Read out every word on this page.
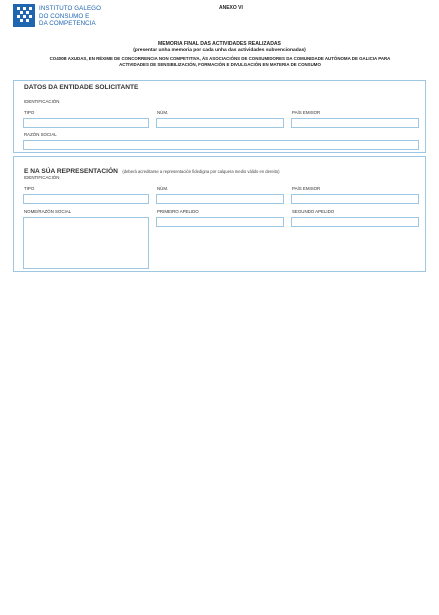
INSTITUTO GALEGO
DO CONSUMO E
DA COMPETENCIA
ANEXO VI
MEMORIA FINAL DAS ACTIVIDADES REALIZADAS
(presentar unha memoria por cada unha das actividades subvencionadas)
CO400B AXUDAS, EN RÉXIME DE CONCORRENCIA NON COMPETITIVA, ÁS ASOCIACIÓNS DE CONSUMIDORES DA COMUNIDADE AUTÓNOMA DE GALICIA PARA
ACTIVIDADES DE SENSIBILIZACIÓN, FORMACIÓN E DIVULGACIÓN EN MATERIA DE CONSUMO
DATOS DA ENTIDADE SOLICITANTE
IDENTIFICACIÓN
TIPO	NÚM.	PAÍS EMISOR
RAZÓN SOCIAL
E NA SÚA REPRESENTACIÓN (deberá acreditarse a representación fidedigna por calquera medio válido en dereito)
IDENTIFICACIÓN
TIPO	NÚM.	PAÍS EMISOR
NOME/RAZÓN SOCIAL	PRIMEIRO APELIDO	SEGUNDO APELIDO
